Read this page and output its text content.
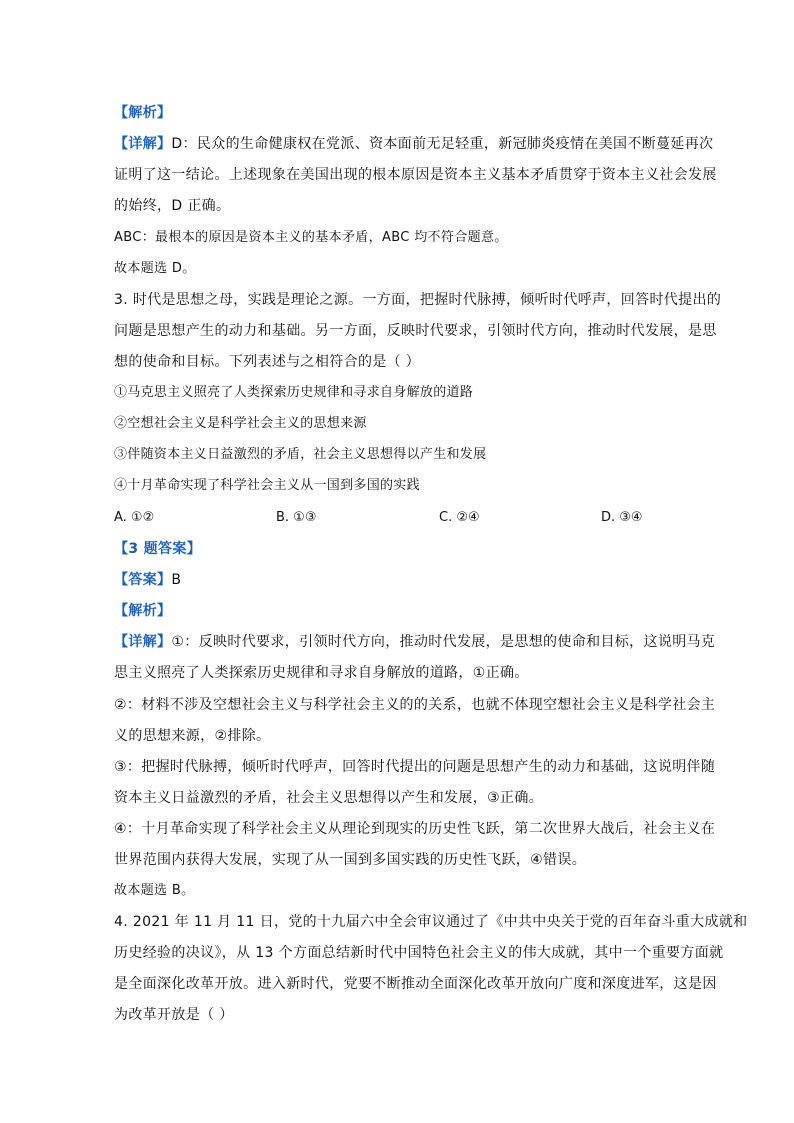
【解析】
【详解】D：民众的生命健康权在党派、资本面前无足轻重，新冠肺炎疫情在美国不断蔓延再次
证明了这一结论。上述现象在美国出现的根本原因是资本主义基本矛盾贯穿于资本主义社会发展
的始终，D 正确。
ABC：最根本的原因是资本主义的基本矛盾，ABC 均不符合题意。
故本题选 D。
3. 时代是思想之母，实践是理论之源。一方面，把握时代脉搏，倾听时代呼声，回答时代提出的
问题是思想产生的动力和基础。另一方面，反映时代要求，引领时代方向，推动时代发展，是思
想的使命和目标。下列表述与之相符合的是（ ）
①马克思主义照亮了人类探索历史规律和寻求自身解放的道路
②空想社会主义是科学社会主义的思想来源
③伴随资本主义日益激烈的矛盾，社会主义思想得以产生和发展
④十月革命实现了科学社会主义从一国到多国的实践
A. ①②	B. ①③	C. ②④	D. ③④
【3 题答案】
【答案】B
【解析】
【详解】①：反映时代要求，引领时代方向，推动时代发展，是思想的使命和目标，这说明马克
思主义照亮了人类探索历史规律和寻求自身解放的道路，①正确。
②：材料不涉及空想社会主义与科学社会主义的的关系，也就不体现空想社会主义是科学社会主
义的思想来源，②排除。
③：把握时代脉搏，倾听时代呼声，回答时代提出的问题是思想产生的动力和基础，这说明伴随
资本主义日益激烈的矛盾，社会主义思想得以产生和发展，③正确。
④：十月革命实现了科学社会主义从理论到现实的历史性飞跃，第二次世界大战后，社会主义在
世界范围内获得大发展，实现了从一国到多国实践的历史性飞跃，④错误。
故本题选 B。
4. 2021 年 11 月 11 日，党的十九届六中全会审议通过了《中共中央关于党的百年奋斗重大成就和
历史经验的决议》，从 13 个方面总结新时代中国特色社会主义的伟大成就，其中一个重要方面就
是全面深化改革开放。进入新时代，党要不断推动全面深化改革开放向广度和深度进军，这是因
为改革开放是（ ）
